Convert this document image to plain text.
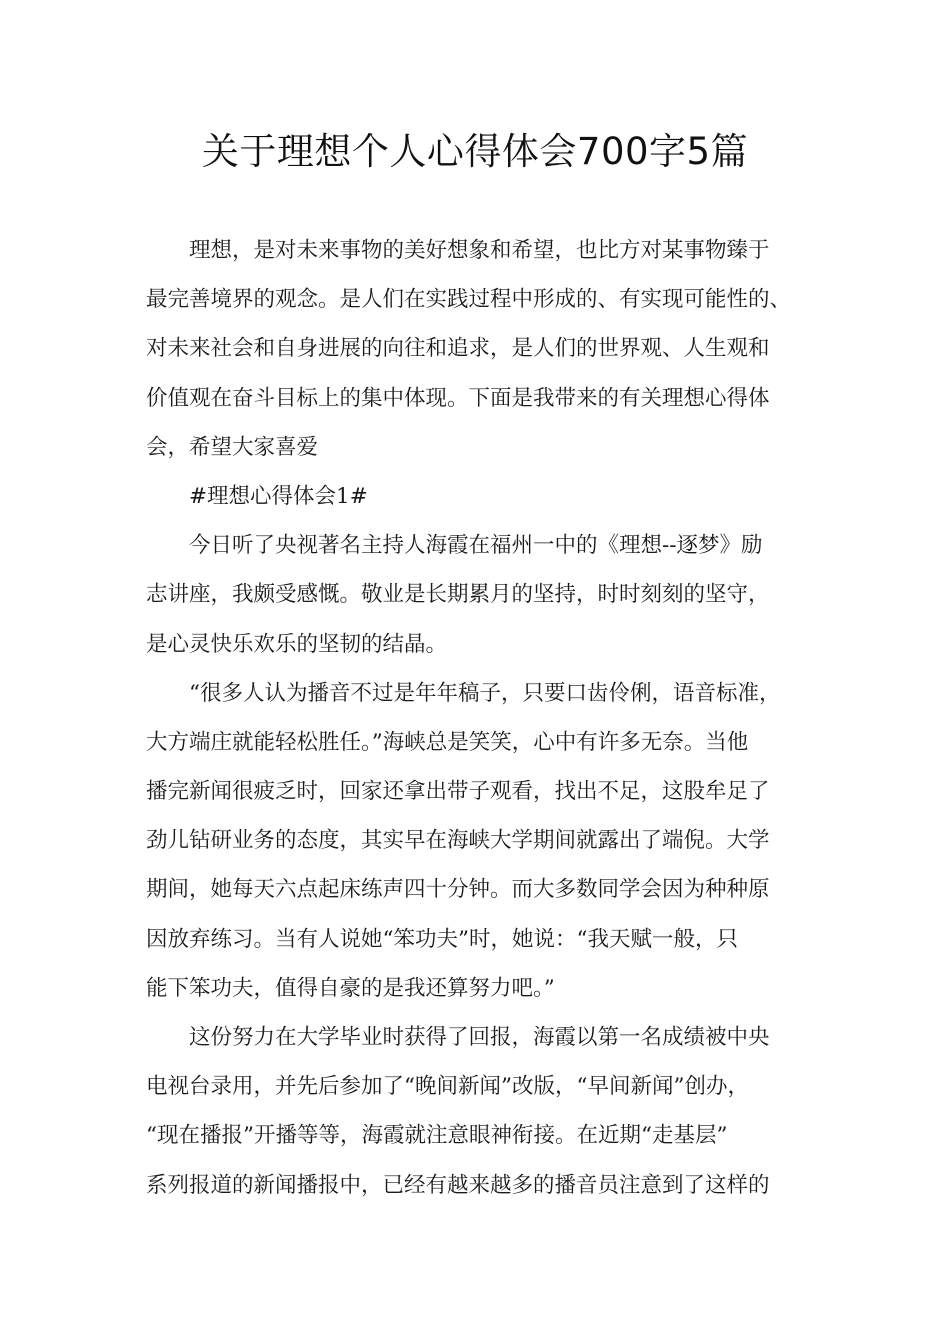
关于理想个人心得体会700字5篇
理想，是对未来事物的美好想象和希望，也比方对某事物臻于
最完善境界的观念。是人们在实践过程中形成的、有实现可能性的、
对未来社会和自身进展的向往和追求，是人们的世界观、人生观和
价值观在奋斗目标上的集中体现。下面是我带来的有关理想心得体
会，希望大家喜爱
#理想心得体会1#
今日听了央视著名主持人海霞在福州一中的《理想--逐梦》励
志讲座，我颇受感慨。敬业是长期累月的坚持，时时刻刻的坚守，
是心灵快乐欢乐的坚韧的结晶。
“很多人认为播音不过是年年稿子，只要口齿伶俐，语音标准，
大方端庄就能轻松胜任。”海峡总是笑笑，心中有许多无奈。当他
播完新闻很疲乏时，回家还拿出带子观看，找出不足，这股牟足了
劲儿钻研业务的态度，其实早在海峡大学期间就露出了端倪。大学
期间，她每天六点起床练声四十分钟。而大多数同学会因为种种原
因放弃练习。当有人说她“笨功夫”时，她说：“我天赋一般，只
能下笨功夫，值得自豪的是我还算努力吧。”
这份努力在大学毕业时获得了回报，海霞以第一名成绩被中央
电视台录用，并先后参加了“晚间新闻”改版，“早间新闻”创办，
“现在播报”开播等等，海霞就注意眼神衔接。在近期“走基层”
系列报道的新闻播报中，已经有越来越多的播音员注意到了这样的
